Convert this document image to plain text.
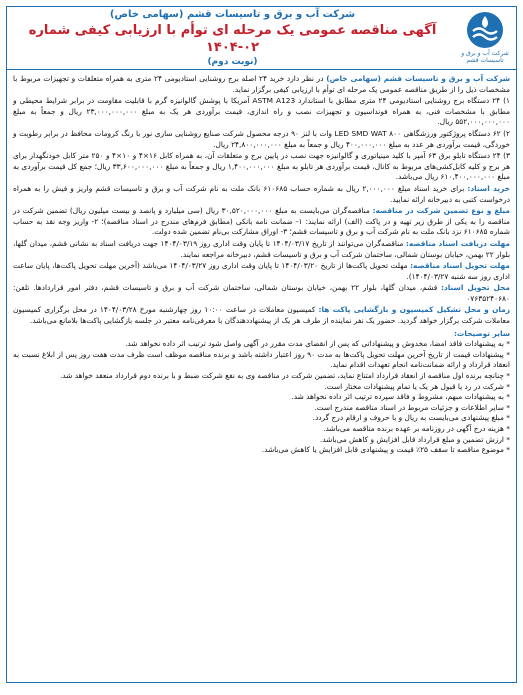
شرکت آب و برق و تاسیسات قشم
شرکت آب و برق و تاسیسات قشم (سهامی خاص)
آگهی مناقصه عمومی یک مرحله ای توأم با ارزیابی کیفی شماره ۰۲-۱۴۰۴
(نوبت دوم)

شرکت آب و برق و تاسیسات قشم (سهامی خاص) در نظر دارد خرید ۲۴ اصله برج روشنایی استادیومی ۲۴ متری به همراه متعلقات و تجهیزات مربوط با مشخصات ذیل را از طریق مناقصه عمومی یک مرحله ای توأم با ارزیابی کیفی برگزار نماید.

۱) ۲۴ دستگاه برج روشنایی استادیومی ۲۴ متری مطابق با استاندارد ASTM A123 آمریکا با پوشش گالوانیزه گرم با قابلیت مقاومت در برابر شرایط محیطی و مطابق با مشخصات فنی، به همراه فونداسیون و تجهیزات نصب و راه اندازی، قیمت برآوردی هر یک به مبلغ ۲۳,۰۰۰,۰۰۰,۰۰۰ ریال و جمعاً به مبلغ ۵۵۲,۰۰۰,۰۰۰,۰۰۰ ریال.

۲) ۶۲ دستگاه پروژکتور ورزشگاهی LED SMD WAT ۸۰۰ وات با لنز ۹۰ درجه محصول شرکت صنایع روشنایی سازی نور با رنگ کرومات محافظ در برابر رطوبت و خوردگی، قیمت برآوردی هر عدد به مبلغ ۴۰۰,۰۰۰,۰۰۰ ریال و جمعاً به مبلغ ۲۴,۸۰۰,۰۰۰,۰۰۰ ریال.

۳) ۲۴ دستگاه تابلو برق ۶۳ آمپر با کلید مینیاتوری و گالوانیزه جهت نصب در پایین برج و متعلقات آن، به همراه کابل ۱۶×۴ و ۱۰×۴ و ۲۵۰ متر کابل خودنگهدار برای هر برج و کلیه کابل‌کشی‌های مربوط به کانال، قیمت برآوردی هر تابلو به مبلغ ۱,۴۰۰,۰۰۰,۰۰۰ ریال و جمعاً به مبلغ ۳۳,۶۰۰,۰۰۰,۰۰۰ ریال؛ جمع کل قیمت برآوردی به مبلغ ۶۱۰,۴۰۰,۰۰۰,۰۰۰ ریال می‌باشد.

خرید اسناد: برای خرید اسناد مبلغ ۲,۰۰۰,۰۰۰ ریال به شماره حساب ۶۱۰۶۸۵ بانک ملت به نام شرکت آب و برق و تاسیسات قشم واریز و فیش را به همراه درخواست کتبی به دبیرخانه ارائه نمایید.

مبلغ و نوع تضمین شرکت در مناقصه: مناقصه‌گران می‌بایست به مبلغ ۳۰,۵۲۰,۰۰۰,۰۰۰ ریال (سی میلیارد و پانصد و بیست میلیون ریال) تضمین شرکت در مناقصه را به یکی از طرق زیر تهیه و در پاکت (الف) ارائه نمایند: ۱- ضمانت نامه بانکی (مطابق فرم‌های مندرج در اسناد مناقصه)؛ ۲- واریز وجه نقد به حساب شماره ۶۱۰۶۸۵ نزد بانک ملت به نام شرکت آب و برق و تاسیسات قشم؛ ۳- اوراق مشارکت بی‌نام تضمین شده دولت.

مهلت دریافت اسناد مناقصه: مناقصه‌گران می‌توانند از تاریخ ۱۴۰۴/۰۳/۱۷ تا پایان وقت اداری روز ۱۴۰۴/۰۳/۱۹ جهت دریافت اسناد به نشانی قشم، میدان گلها، بلوار ۲۲ بهمن، خیابان بوستان شمالی، ساختمان شرکت آب و برق و تاسیسات قشم، دبیرخانه مراجعه نمایند.

مهلت تحویل اسناد مناقصه: مهلت تحویل پاکت‌ها از تاریخ ۱۴۰۴/۰۳/۲۰ تا پایان وقت اداری روز ۱۴۰۴/۰۳/۲۷ می‌باشد (آخرین مهلت تحویل پاکت‌ها، پایان ساعت اداری روز سه شنبه ۱۴۰۴/۰۳/۲۷).

محل تحویل اسناد: قشم، میدان گلها، بلوار ۲۲ بهمن، خیابان بوستان شمالی، ساختمان شرکت آب و برق و تاسیسات قشم، دفتر امور قراردادها. تلفن: ۰۷۶۳۵۲۴۰۶۸۰

زمان و محل تشکیل کمیسیون و بازگشایی پاکت ها: کمیسیون معاملات در ساعت ۱۰:۰۰ روز چهارشنبه مورخ ۱۴۰۴/۰۳/۲۸ در محل برگزاری کمیسیون معاملات شرکت برگزار خواهد گردید. حضور یک نفر نماینده از طرف هر یک از پیشنهاددهندگان با معرفی‌نامه معتبر در جلسه بازگشایی پاکت‌ها بلامانع می‌باشد.

سایر توضیحات:
* به پیشنهادات فاقد امضا، مخدوش و پیشنهاداتی که پس از انقضای مدت مقرر در آگهی واصل شود ترتیب اثر داده نخواهد شد.
* پیشنهادات قیمت از تاریخ آخرین مهلت تحویل پاکت‌ها به مدت ۹۰ روز اعتبار داشته باشد و برنده مناقصه موظف است ظرف مدت هفت روز پس از ابلاغ نسبت به انعقاد قرارداد و ارائه ضمانت‌نامه انجام تعهدات اقدام نماید.
* چنانچه برنده اول مناقصه از انعقاد قرارداد امتناع نماید، تضمین شرکت در مناقصه وی به نفع شرکت ضبط و با برنده دوم قرارداد منعقد خواهد شد.
* شرکت در رد یا قبول هر یک یا تمام پیشنهادات مختار است.
* به پیشنهادات مبهم، مشروط و فاقد سپرده ترتیب اثر داده نخواهد شد.
* سایر اطلاعات و جزئیات مربوط در اسناد مناقصه مندرج است.
* مبلغ پیشنهادی می‌بایست به ریال و با حروف و ارقام درج گردد.
* هزینه درج آگهی در روزنامه بر عهده برنده مناقصه می‌باشد.
* ارزش تضمین و مبلغ قرارداد قابل افزایش و کاهش می‌باشد.
* موضوع مناقصه تا سقف ۲۵٪ قیمت و پیشنهادی قابل افزایش یا کاهش می‌باشد.
